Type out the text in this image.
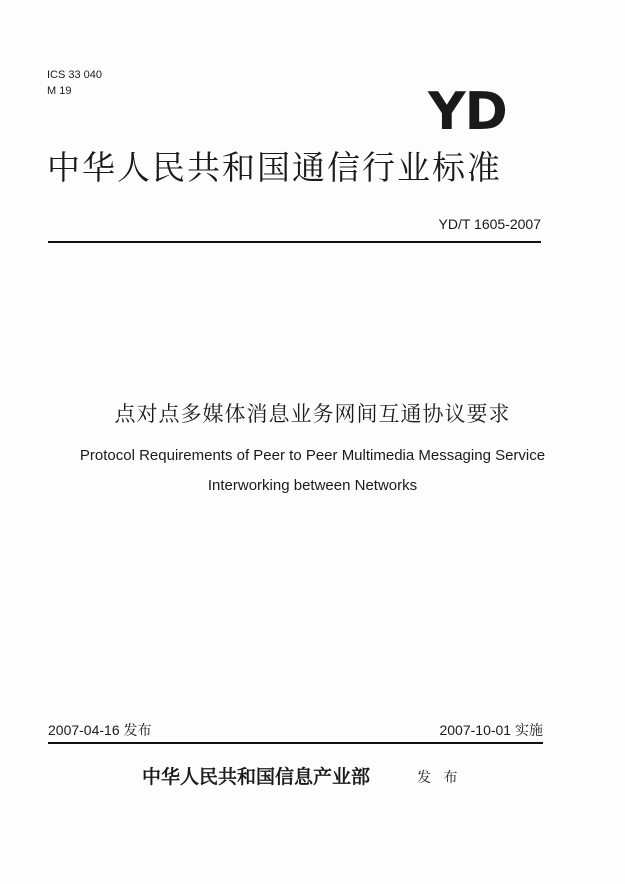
ICS 33 040
M 19	YD
中华人民共和国通信行业标准
YD/T 1605-2007
点对点多媒体消息业务网间互通协议要求
Protocol Requirements of Peer to Peer Multimedia Messaging Service
Interworking between Networks
2007-04-16 发布	2007-10-01 实施
中华人民共和国信息产业部	发 布
